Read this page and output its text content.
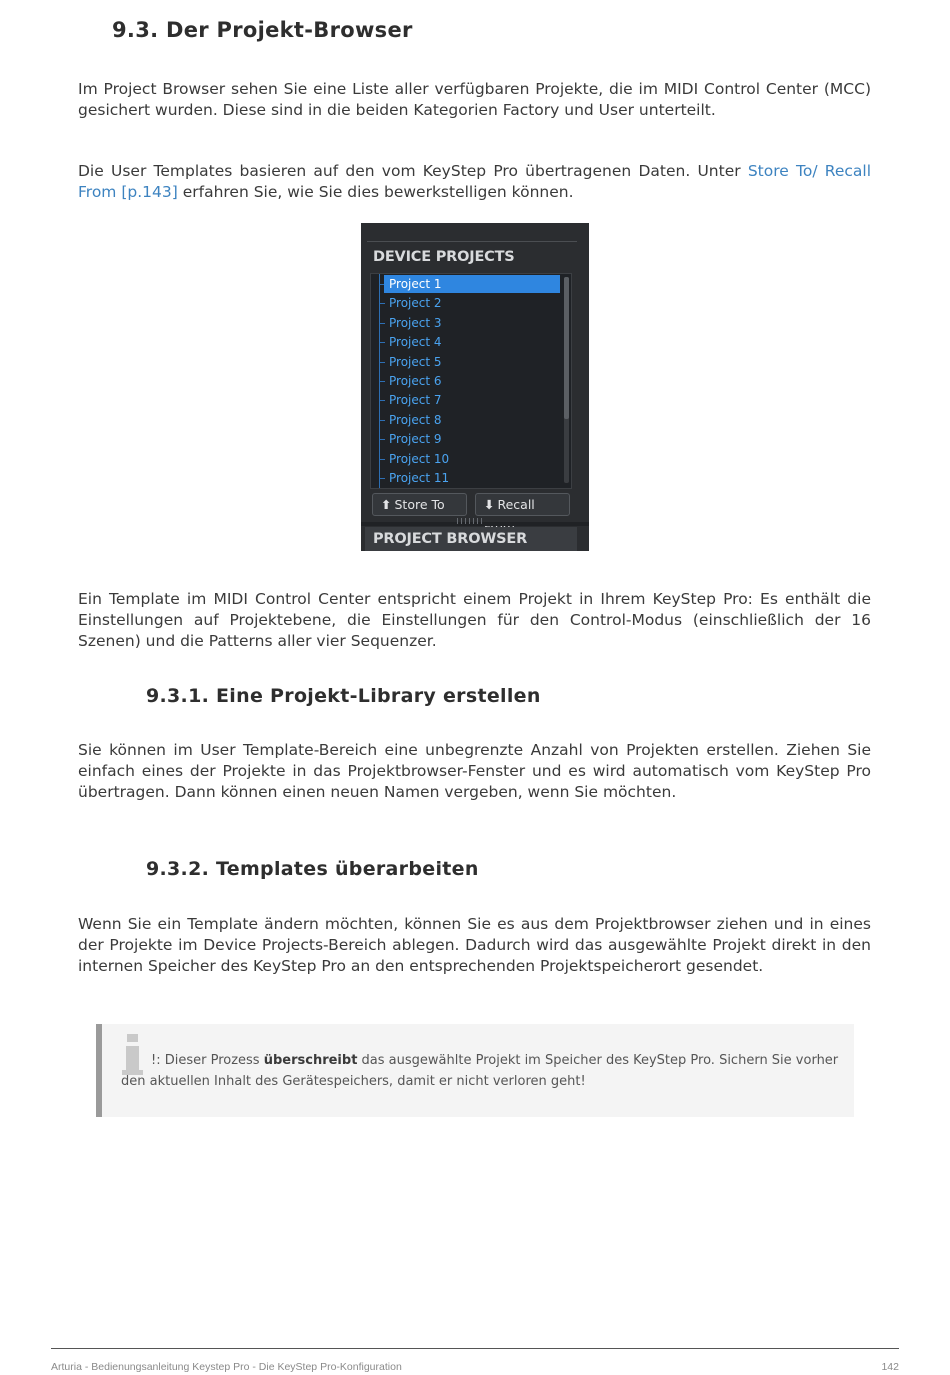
9.3. Der Projekt-Browser

Im Project Browser sehen Sie eine Liste aller verfügbaren Projekte, die im MIDI Control Center (MCC) gesichert wurden. Diese sind in die beiden Kategorien Factory und User unterteilt.

Die User Templates basieren auf den vom KeyStep Pro übertragenen Daten. Unter Store To/ Recall From [p.143] erfahren Sie, wie Sie dies bewerkstelligen können.

DEVICE PROJECTS
Project 1
Project 2
Project 3
Project 4
Project 5
Project 6
Project 7
Project 8
Project 9
Project 10
Project 11
⬆ Store To	⬇ Recall
PROJECT BROWSER

Ein Template im MIDI Control Center entspricht einem Projekt in Ihrem KeyStep Pro: Es enthält die Einstellungen auf Projektebene, die Einstellungen für den Control-Modus (einschließlich der 16 Szenen) und die Patterns aller vier Sequenzer.

9.3.1. Eine Projekt-Library erstellen

Sie können im User Template-Bereich eine unbegrenzte Anzahl von Projekten erstellen. Ziehen Sie einfach eines der Projekte in das Projektbrowser-Fenster und es wird automatisch vom KeyStep Pro übertragen. Dann können einen neuen Namen vergeben, wenn Sie möchten.

9.3.2. Templates überarbeiten

Wenn Sie ein Template ändern möchten, können Sie es aus dem Projektbrowser ziehen und in eines der Projekte im Device Projects-Bereich ablegen. Dadurch wird das ausgewählte Projekt direkt in den internen Speicher des KeyStep Pro an den entsprechenden Projektspeicherort gesendet.

!: Dieser Prozess überschreibt das ausgewählte Projekt im Speicher des KeyStep Pro. Sichern Sie vorher den aktuellen Inhalt des Gerätespeichers, damit er nicht verloren geht!

Arturia - Bedienungsanleitung Keystep Pro - Die KeyStep Pro-Konfiguration	142
